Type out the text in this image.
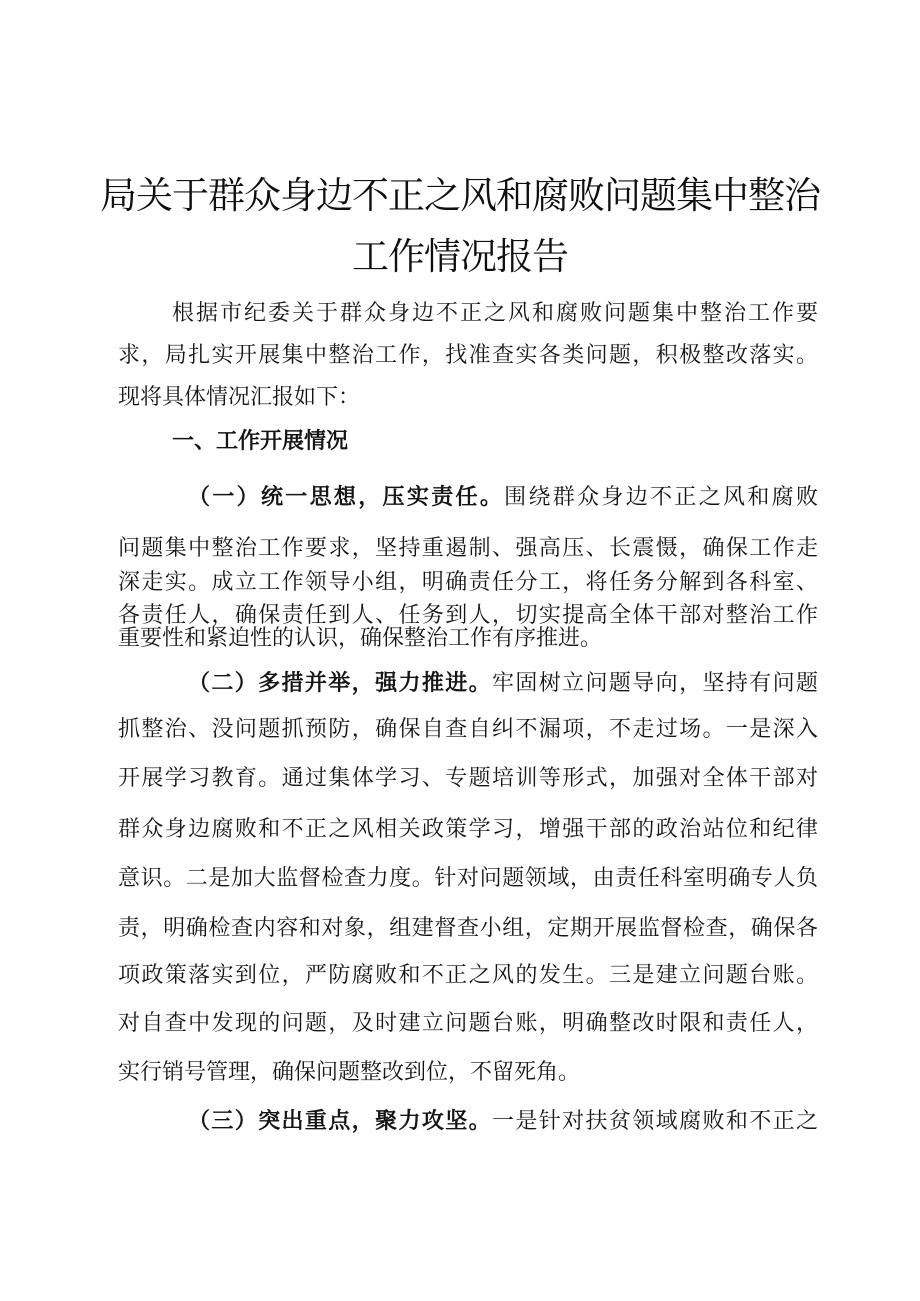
局关于群众身边不正之风和腐败问题集中整治
工作情况报告
根据市纪委关于群众身边不正之风和腐败问题集中整治工作要
求，局扎实开展集中整治工作，找准查实各类问题，积极整改落实。
现将具体情况汇报如下：
一、工作开展情况
（一）统一思想，压实责任。围绕群众身边不正之风和腐败
问题集中整治工作要求，坚持重遏制、强高压、长震慑，确保工作走
深走实。成立工作领导小组，明确责任分工，将任务分解到各科室、
各责任人，确保责任到人、任务到人，切实提高全体干部对整治工作
重要性和紧迫性的认识，确保整治工作有序推进。
（二）多措并举，强力推进。牢固树立问题导向，坚持有问题
抓整治、没问题抓预防，确保自查自纠不漏项，不走过场。一是深入
开展学习教育。通过集体学习、专题培训等形式，加强对全体干部对
群众身边腐败和不正之风相关政策学习，增强干部的政治站位和纪律
意识。二是加大监督检查力度。针对问题领域，由责任科室明确专人负
责，明确检查内容和对象，组建督查小组，定期开展监督检查，确保各
项政策落实到位，严防腐败和不正之风的发生。三是建立问题台账。
对自查中发现的问题，及时建立问题台账，明确整改时限和责任人，
实行销号管理，确保问题整改到位，不留死角。
（三）突出重点，聚力攻坚。一是针对扶贫领域腐败和不正之
